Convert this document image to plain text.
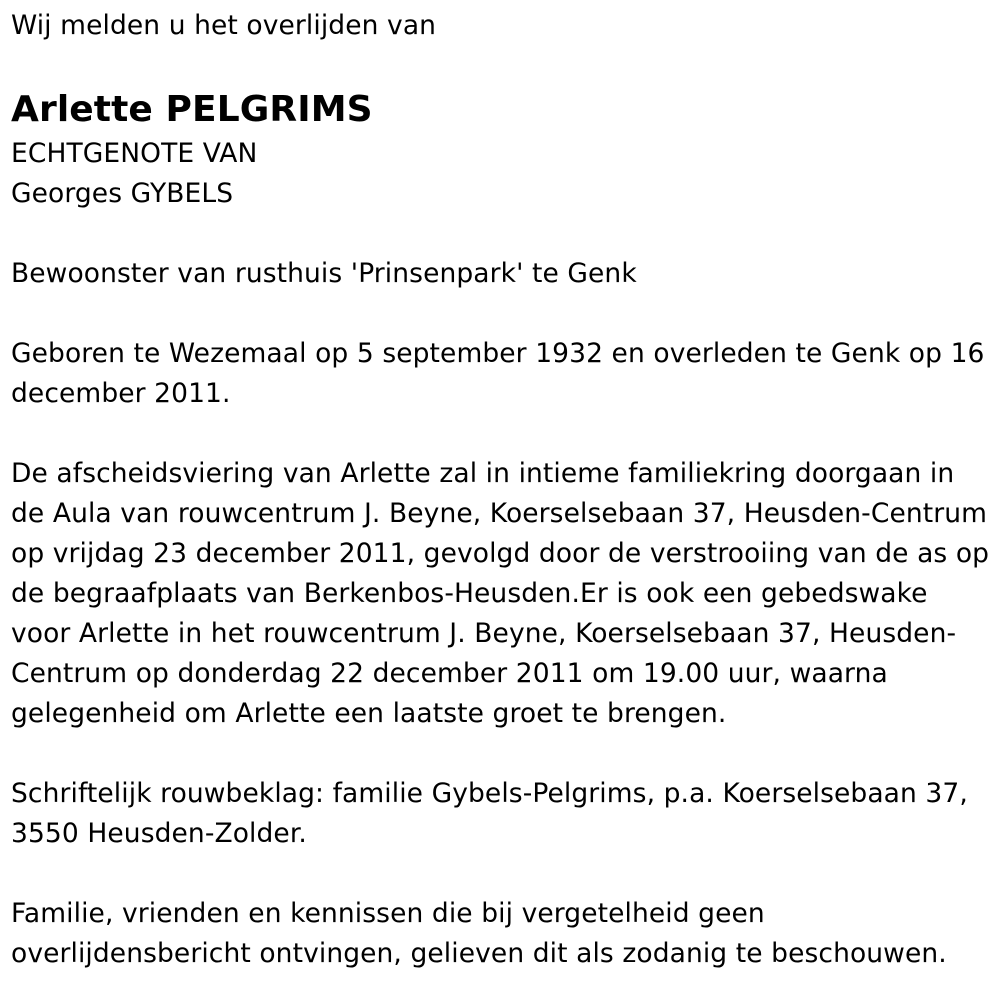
Wij melden u het overlijden van

Arlette PELGRIMS

ECHTGENOTE VAN

Georges GYBELS

Bewoonster van rusthuis 'Prinsenpark' te Genk

Geboren te Wezemaal op 5 september 1932 en overleden te Genk op 16 december 2011.

De afscheidsviering van Arlette zal in intieme familiekring doorgaan in de Aula van rouwcentrum J. Beyne, Koerselsebaan 37, Heusden-Centrum op vrijdag 23 december 2011, gevolgd door de verstrooiing van de as op de begraafplaats van Berkenbos-Heusden.Er is ook een gebedswake voor Arlette in het rouwcentrum J. Beyne, Koerselsebaan 37, Heusden-Centrum op donderdag 22 december 2011 om 19.00 uur, waarna gelegenheid om Arlette een laatste groet te brengen.

Schriftelijk rouwbeklag: familie Gybels-Pelgrims, p.a. Koerselsebaan 37, 3550 Heusden-Zolder.

Familie, vrienden en kennissen die bij vergetelheid geen overlijdensbericht ontvingen, gelieven dit als zodanig te beschouwen.
